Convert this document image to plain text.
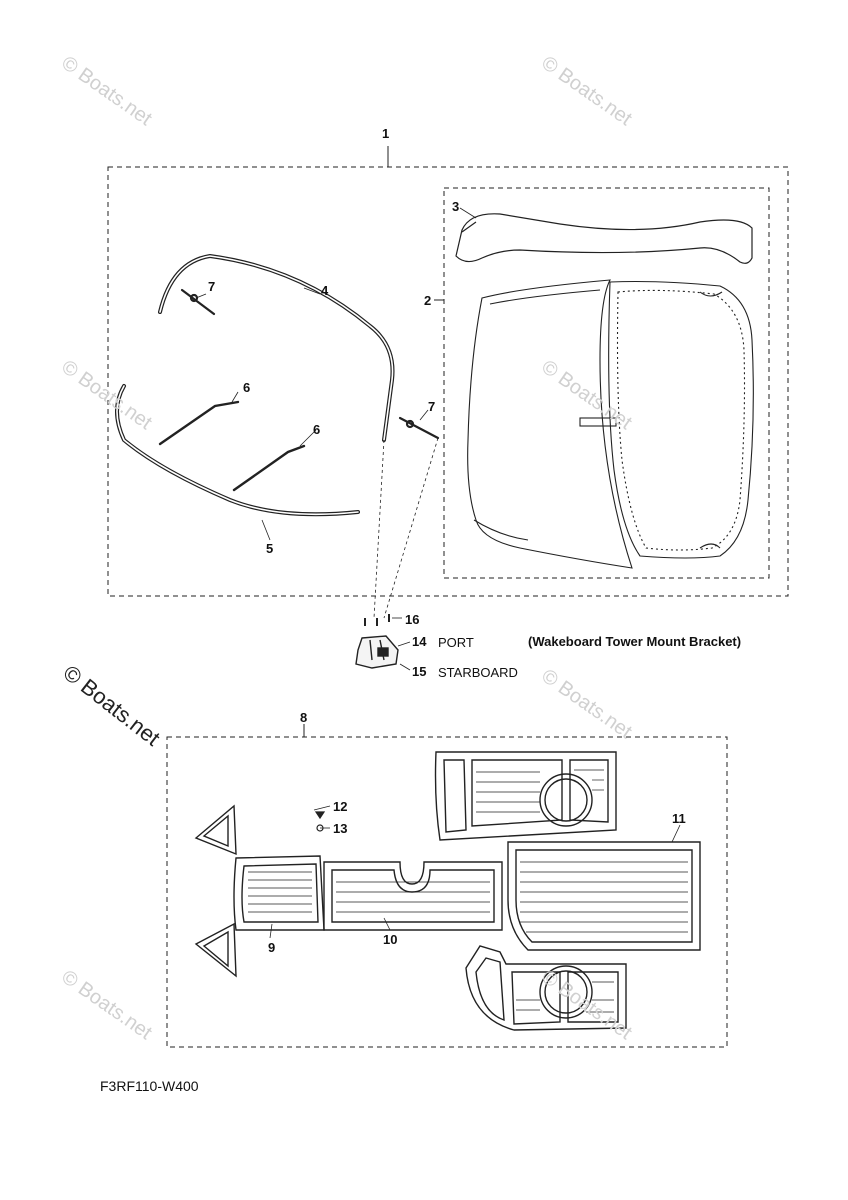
© Boats.net	© Boats.net
© Boats.net	© Boats.net
© Boats.net
© Boats.net	© Boats.net
© Boats.net
1
2
3
4
5
6
6
7
7
8
9
10
11
12
13
14
15
16
PORT
STARBOARD
(Wakeboard Tower Mount Bracket)
F3RF110-W400
